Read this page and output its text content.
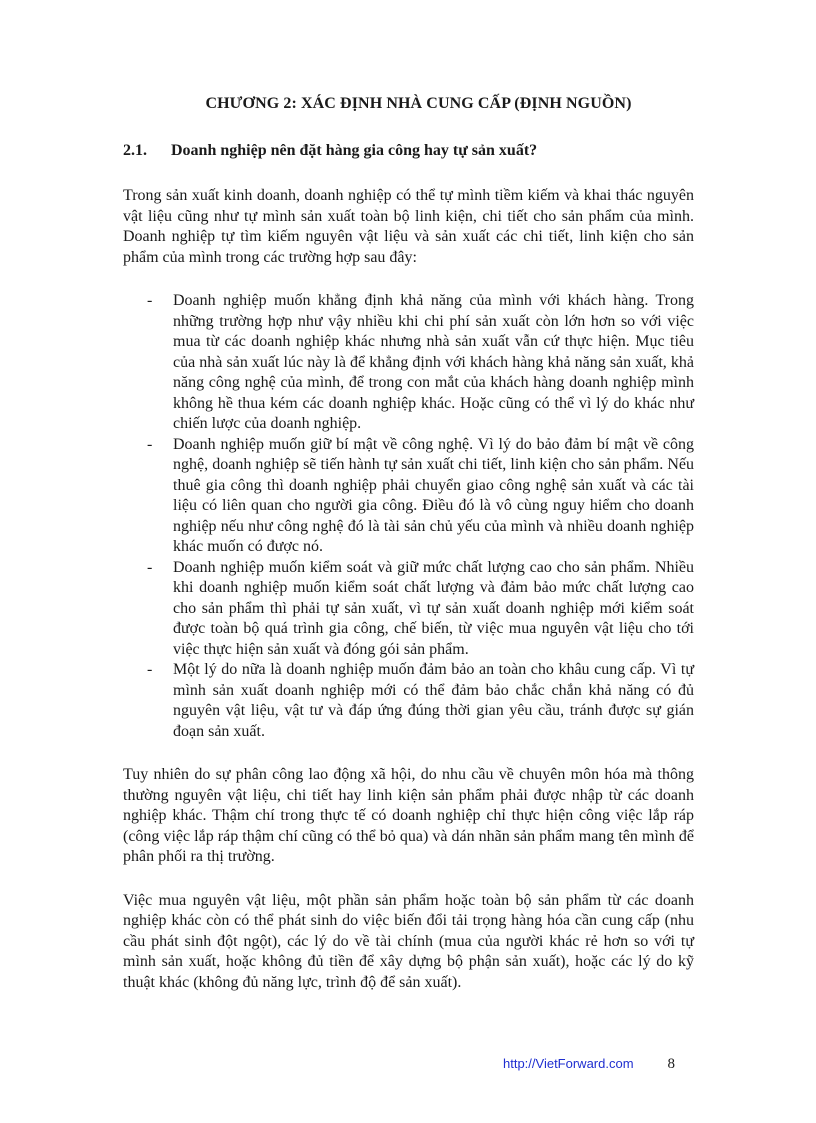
CHƯƠNG 2: XÁC ĐỊNH NHÀ CUNG CẤP (ĐỊNH NGUỒN)
2.1.	Doanh nghiệp nên đặt hàng gia công hay tự sản xuất?

Trong sản xuất kinh doanh, doanh nghiệp có thể tự mình tiềm kiếm và khai thác nguyên vật liệu cũng như tự mình sản xuất toàn bộ linh kiện, chi tiết cho sản phẩm của mình. Doanh nghiệp tự tìm kiếm nguyên vật liệu và sản xuất các chi tiết, linh kiện cho sản phẩm của mình trong các trường hợp sau đây:

- Doanh nghiệp muốn khẳng định khả năng của mình với khách hàng. Trong những trường hợp như vậy nhiều khi chi phí sản xuất còn lớn hơn so với việc mua từ các doanh nghiệp khác nhưng nhà sản xuất vẫn cứ thực hiện. Mục tiêu của nhà sản xuất lúc này là để khẳng định với khách hàng khả năng sản xuất, khả năng công nghệ của mình, để trong con mắt của khách hàng doanh nghiệp mình không hề thua kém các doanh nghiệp khác. Hoặc cũng có thể vì lý do khác như chiến lược của doanh nghiệp.
- Doanh nghiệp muốn giữ bí mật về công nghệ. Vì lý do bảo đảm bí mật về công nghệ, doanh nghiệp sẽ tiến hành tự sản xuất chi tiết, linh kiện cho sản phẩm. Nếu thuê gia công thì doanh nghiệp phải chuyển giao công nghệ sản xuất và các tài liệu có liên quan cho người gia công. Điều đó là vô cùng nguy hiểm cho doanh nghiệp nếu như công nghệ đó là tài sản chủ yếu của mình và nhiều doanh nghiệp khác muốn có được nó.
- Doanh nghiệp muốn kiểm soát và giữ mức chất lượng cao cho sản phẩm. Nhiều khi doanh nghiệp muốn kiểm soát chất lượng và đảm bảo mức chất lượng cao cho sản phẩm thì phải tự sản xuất, vì tự sản xuất doanh nghiệp mới kiểm soát được toàn bộ quá trình gia công, chế biến, từ việc mua nguyên vật liệu cho tới việc thực hiện sản xuất và đóng gói sản phẩm.
- Một lý do nữa là doanh nghiệp muốn đảm bảo an toàn cho khâu cung cấp. Vì tự mình sản xuất doanh nghiệp mới có thể đảm bảo chắc chắn khả năng có đủ nguyên vật liệu, vật tư và đáp ứng đúng thời gian yêu cầu, tránh được sự gián đoạn sản xuất.

Tuy nhiên do sự phân công lao động xã hội, do nhu cầu về chuyên môn hóa mà thông thường nguyên vật liệu, chi tiết hay linh kiện sản phẩm phải được nhập từ các doanh nghiệp khác. Thậm chí trong thực tế có doanh nghiệp chỉ thực hiện công việc lắp ráp (công việc lắp ráp thậm chí cũng có thể bỏ qua) và dán nhãn sản phẩm mang tên mình để phân phối ra thị trường.

Việc mua nguyên vật liệu, một phần sản phẩm hoặc toàn bộ sản phẩm từ các doanh nghiệp khác còn có thể phát sinh do việc biến đổi tải trọng hàng hóa cần cung cấp (nhu cầu phát sinh đột ngột), các lý do về tài chính (mua của người khác rẻ hơn so với tự mình sản xuất, hoặc không đủ tiền để xây dựng bộ phận sản xuất), hoặc các lý do kỹ thuật khác (không đủ năng lực, trình độ để sản xuất).

http://VietForward.com 8
